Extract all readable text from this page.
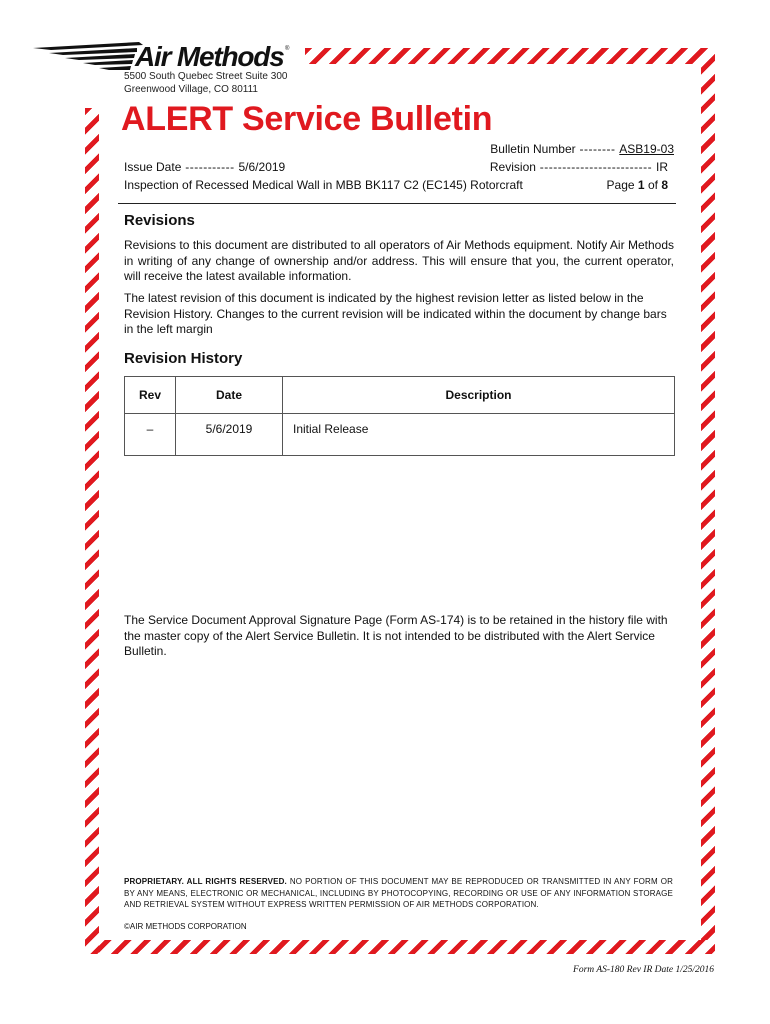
Air Methods ®
5500 South Quebec Street Suite 300
Greenwood Village, CO 80111
ALERT Service Bulletin
Bulletin Number -------- ASB19-03
Issue Date ----------- 5/6/2019	Revision ------------------------- IR
Inspection of Recessed Medical Wall in MBB BK117 C2 (EC145) Rotorcraft	Page 1 of 8
Revisions

Revisions to this document are distributed to all operators of Air Methods equipment. Notify Air Methods in writing of any change of ownership and/or address. This will ensure that you, the current operator, will receive the latest available information.

The latest revision of this document is indicated by the highest revision letter as listed below in the Revision History. Changes to the current revision will be indicated within the document by change bars in the left margin

Revision History
Rev	Date	Description
–	5/6/2019	Initial Release

The Service Document Approval Signature Page (Form AS-174) is to be retained in the history file with the master copy of the Alert Service Bulletin. It is not intended to be distributed with the Alert Service Bulletin.

PROPRIETARY. ALL RIGHTS RESERVED. NO PORTION OF THIS DOCUMENT MAY BE REPRODUCED OR TRANSMITTED IN ANY FORM OR BY ANY MEANS, ELECTRONIC OR MECHANICAL, INCLUDING BY PHOTOCOPYING, RECORDING OR USE OF ANY INFORMATION STORAGE AND RETRIEVAL SYSTEM WITHOUT EXPRESS WRITTEN PERMISSION OF AIR METHODS CORPORATION.
©AIR METHODS CORPORATION
Form AS-180 Rev IR Date 1/25/2016
